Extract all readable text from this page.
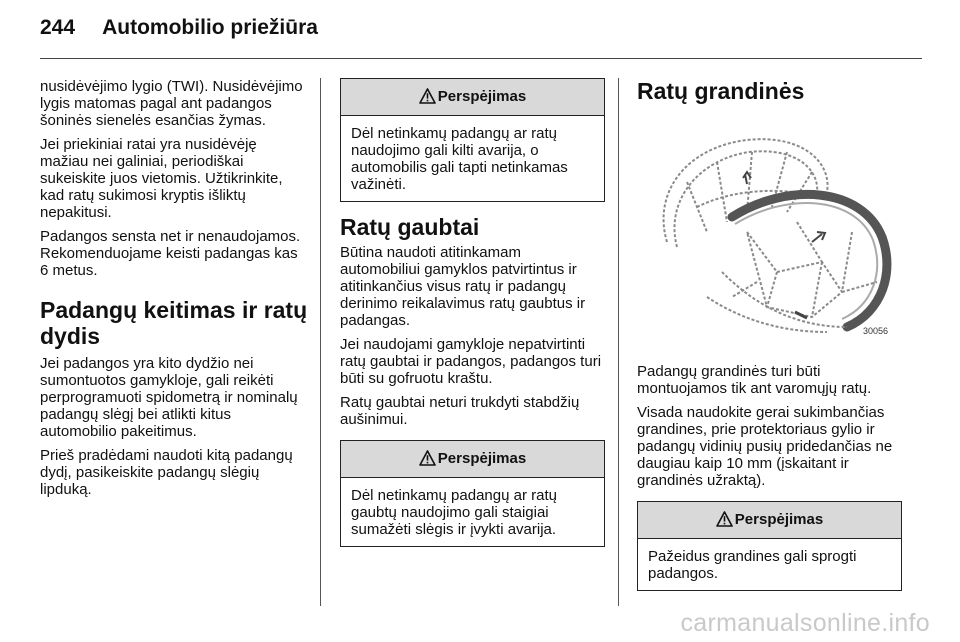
244 Automobilio priežiūra

nusidėvėjimo lygio (TWI). Nusidėvėjimo lygis matomas pagal ant padangos šoninės sienelės esančias žymas.

Jei priekiniai ratai yra nusidėvėję mažiau nei galiniai, periodiškai sukeiskite juos vietomis. Užtikrinkite, kad ratų sukimosi kryptis išliktų nepakitusi.

Padangos sensta net ir nenaudojamos. Rekomenduojame keisti padangas kas 6 metus.

Padangų keitimas ir ratų dydis

Jei padangos yra kito dydžio nei sumontuotos gamykloje, gali reikėti perprogramuoti spidometrą ir nominalų padangų slėgį bei atlikti kitus automobilio pakeitimus.

Prieš pradėdami naudoti kitą padangų dydį, pasikeiskite padangų slėgių lipduką.

Perspėjimas
Dėl netinkamų padangų ar ratų naudojimo gali kilti avarija, o automobilis gali tapti netinkamas važinėti.
Ratų gaubtai

Būtina naudoti atitinkamam automobiliui gamyklos patvirtintus ir atitinkančius visus ratų ir padangų derinimo reikalavimus ratų gaubtus ir padangas.

Jei naudojami gamykloje nepatvirtinti ratų gaubtai ir padangos, padangos turi būti su gofruotu kraštu.

Ratų gaubtai neturi trukdyti stabdžių aušinimui.

Perspėjimas
Dėl netinkamų padangų ar ratų gaubtų naudojimo gali staigiai sumažėti slėgis ir įvykti avarija.
Ratų grandinės
30056

Padangų grandinės turi būti montuojamos tik ant varomųjų ratų.

Visada naudokite gerai sukimbančias grandines, prie protektoriaus gylio ir padangų vidinių pusių pridedančias ne daugiau kaip 10 mm (įskaitant ir grandinės užraktą).

Perspėjimas
Pažeidus grandines gali sprogti padangos.
carmanualsonline.info
